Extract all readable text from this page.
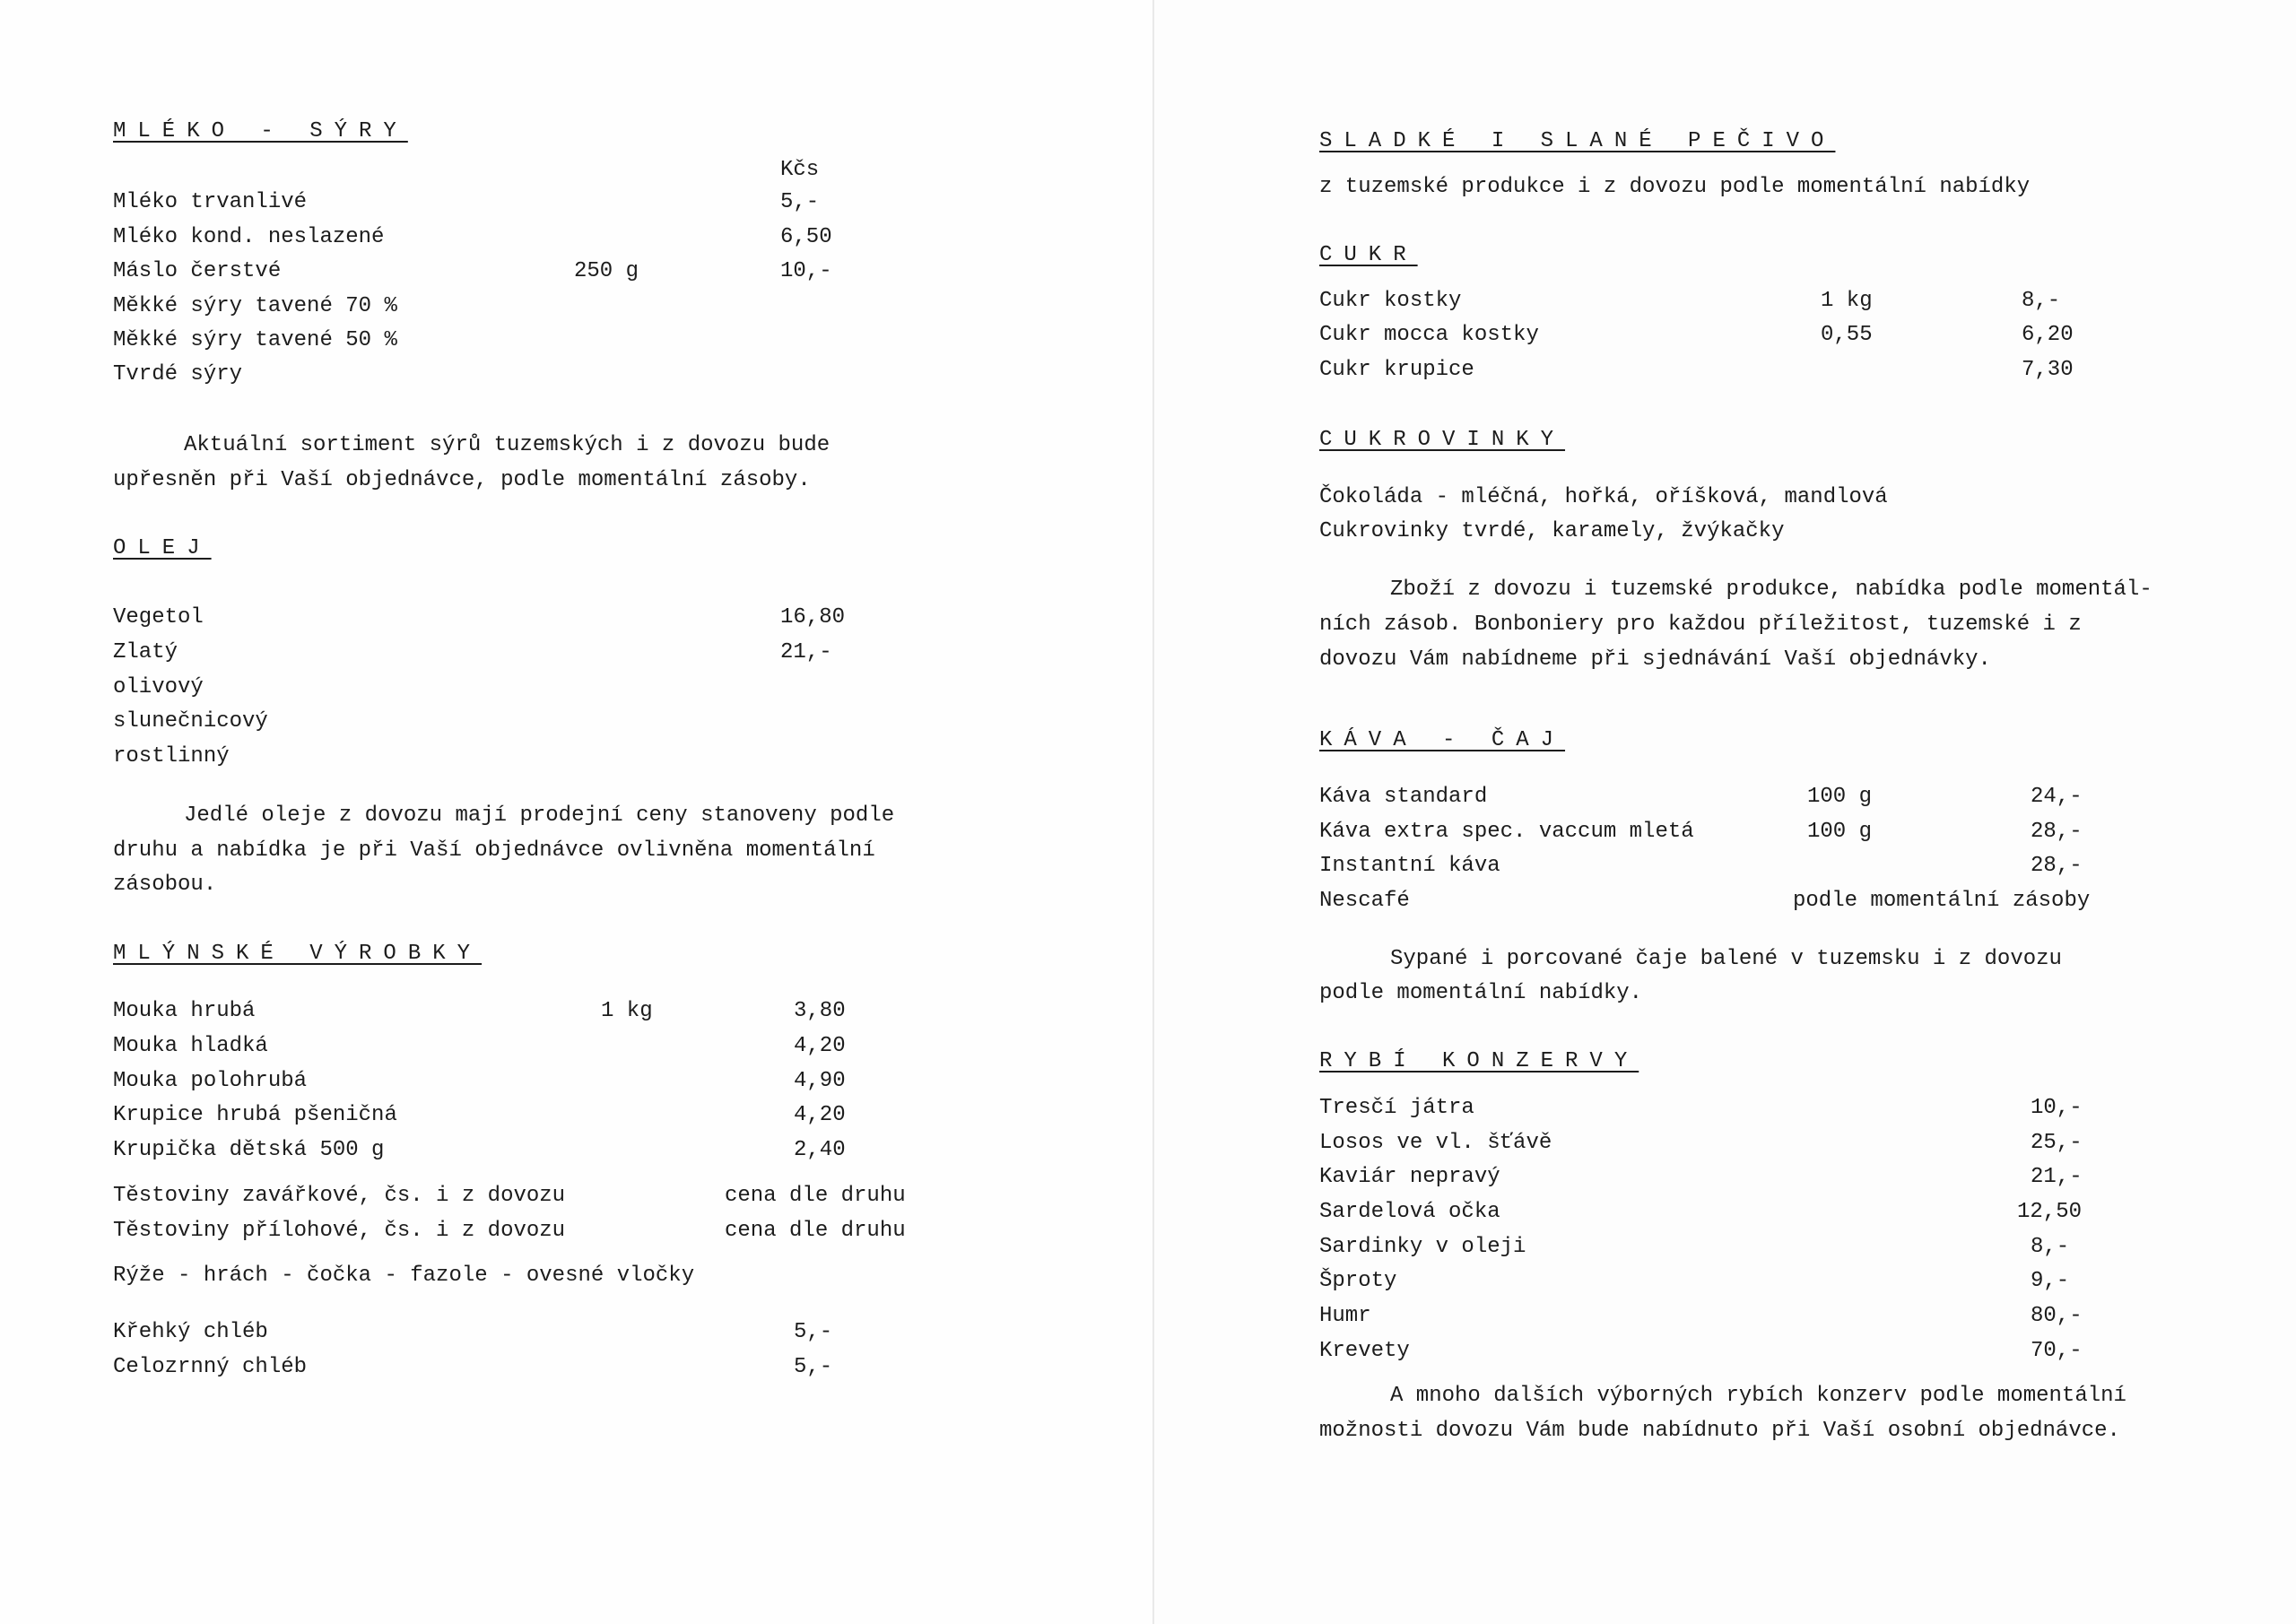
MLÉKO - SÝRY
Kčs
Mléko trvanlivé	5,-
Mléko kond. neslazené	6,50
Máslo čerstvé	250 g	10,-
Měkké sýry tavené 70 %
Měkké sýry tavené 50 %
Tvrdé sýry
Aktuální sortiment sýrů tuzemských i z dovozu bude
upřesněn při Vaší objednávce, podle momentální zásoby.
OLEJ
Vegetol	16,80
Zlatý	21,-
olivový
slunečnicový
rostlinný
Jedlé oleje z dovozu mají prodejní ceny stanoveny podle
druhu a nabídka je při Vaší objednávce ovlivněna momentální
zásobou.
MLÝNSKÉ VÝROBKY
Mouka hrubá	1 kg	3,80
Mouka hladká	4,20
Mouka polohrubá	4,90
Krupice hrubá pšeničná	4,20
Krupička dětská 500 g	2,40
Těstoviny zavářkové, čs. i z dovozu	cena dle druhu
Těstoviny přílohové, čs. i z dovozu	cena dle druhu
Rýže - hrách - čočka - fazole - ovesné vločky
Křehký chléb	5,-
Celozrnný chléb	5,-
SLADKÉ I SLANÉ PEČIVO
z tuzemské produkce i z dovozu podle momentální nabídky
CUKR
Cukr kostky	1 kg	8,-
Cukr mocca kostky	0,55	6,20
Cukr krupice	7,30
CUKROVINKY
Čokoláda - mléčná, hořká, oříšková, mandlová
Cukrovinky tvrdé, karamely, žvýkačky
Zboží z dovozu i tuzemské produkce, nabídka podle momentál-
ních zásob. Bonboniery pro každou příležitost, tuzemské i z
dovozu Vám nabídneme při sjednávání Vaší objednávky.
KÁVA - ČAJ
Káva standard	100 g	24,-
Káva extra spec. vaccum mletá	100 g	28,-
Instantní káva	28,-
Nescafé	podle momentální zásoby
Sypané i porcované čaje balené v tuzemsku i z dovozu
podle momentální nabídky.
RYBÍ KONZERVY
Tresčí játra	10,-
Losos ve vl. šťávě	25,-
Kaviár nepravý	21,-
Sardelová očka	12,50
Sardinky v oleji	8,-
Šproty	9,-
Humr	80,-
Krevety	70,-
A mnoho dalších výborných rybích konzerv podle momentální
možnosti dovozu Vám bude nabídnuto při Vaší osobní objednávce.
